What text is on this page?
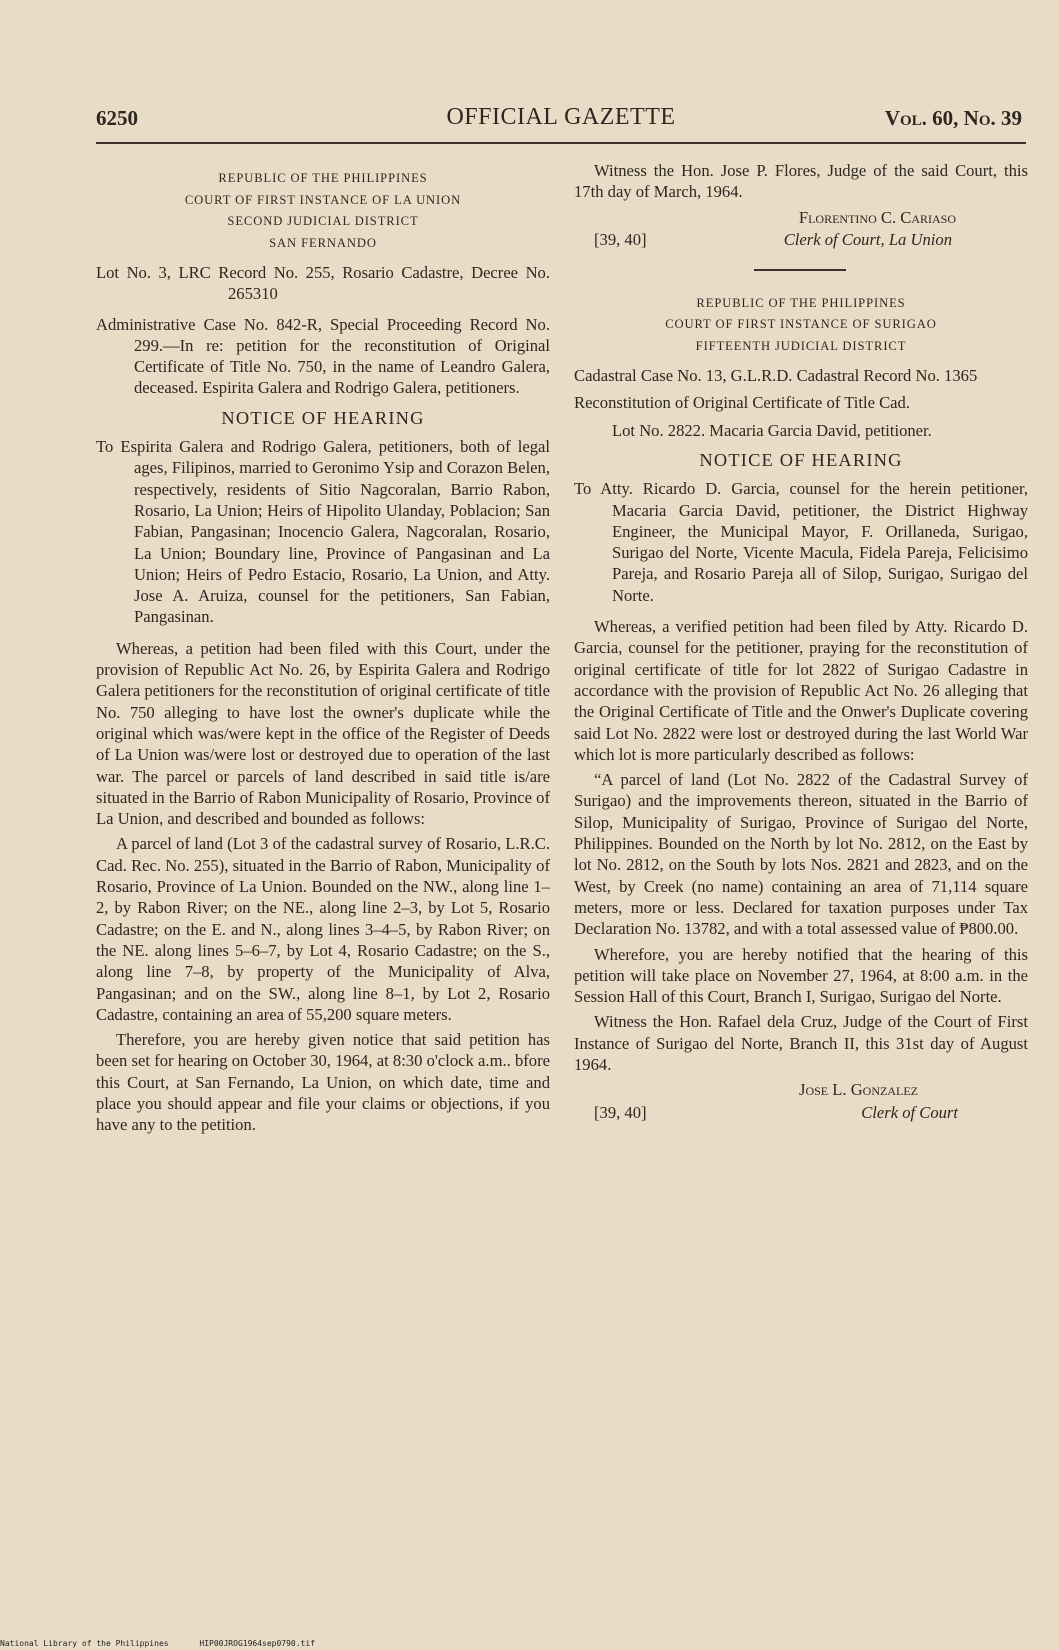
6250	OFFICIAL GAZETTE	Vol. 60, No. 39
REPUBLIC OF THE PHILIPPINES
COURT OF FIRST INSTANCE OF LA UNION
SECOND JUDICIAL DISTRICT
SAN FERNANDO

Lot No. 3, LRC Record No. 255, Rosario Cadastre, Decree No. 265310

Administrative Case No. 842-R, Special Proceeding Record No. 299.—In re: petition for the reconstitution of Original Certificate of Title No. 750, in the name of Leandro Galera, deceased. Espirita Galera and Rodrigo Galera, petitioners.

NOTICE OF HEARING

To Espirita Galera and Rodrigo Galera, petitioners, both of legal ages, Filipinos, married to Geronimo Ysip and Corazon Belen, respectively, residents of Sitio Nagcoralan, Barrio Rabon, Rosario, La Union; Heirs of Hipolito Ulanday, Poblacion; San Fabian, Pangasinan; Inocencio Galera, Nagcoralan, Rosario, La Union; Boundary line, Province of Pangasinan and La Union; Heirs of Pedro Estacio, Rosario, La Union, and Atty. Jose A. Aruiza, counsel for the petitioners, San Fabian, Pangasinan.

Whereas, a petition had been filed with this Court, under the provision of Republic Act No. 26, by Espirita Galera and Rodrigo Galera petitioners for the reconstitution of original certificate of title No. 750 alleging to have lost the owner's duplicate while the original which was/were kept in the office of the Register of Deeds of La Union was/were lost or destroyed due to operation of the last war. The parcel or parcels of land described in said title is/are situated in the Barrio of Rabon Municipality of Rosario, Province of La Union, and described and bounded as follows:

A parcel of land (Lot 3 of the cadastral survey of Rosario, L.R.C. Cad. Rec. No. 255), situated in the Barrio of Rabon, Municipality of Rosario, Province of La Union. Bounded on the NW., along line 1–2, by Rabon River; on the NE., along line 2–3, by Lot 5, Rosario Cadastre; on the E. and N., along lines 3–4–5, by Rabon River; on the NE. along lines 5–6–7, by Lot 4, Rosario Cadastre; on the S., along line 7–8, by property of the Municipality of Alva, Pangasinan; and on the SW., along line 8–1, by Lot 2, Rosario Cadastre, containing an area of 55,200 square meters.

Therefore, you are hereby given notice that said petition has been set for hearing on October 30, 1964, at 8:30 o'clock a.m.. bfore this Court, at San Fernando, La Union, on which date, time and place you should appear and file your claims or objections, if you have any to the petition.

Witness the Hon. Jose P. Flores, Judge of the said Court, this 17th day of March, 1964.

Florentino C. Cariaso
[39, 40]	Clerk of Court, La Union
REPUBLIC OF THE PHILIPPINES
COURT OF FIRST INSTANCE OF SURIGAO
FIFTEENTH JUDICIAL DISTRICT

Cadastral Case No. 13, G.L.R.D. Cadastral Record No. 1365

Reconstitution of Original Certificate of Title Cad.

Lot No. 2822. Macaria Garcia David, petitioner.

NOTICE OF HEARING

To Atty. Ricardo D. Garcia, counsel for the herein petitioner, Macaria Garcia David, petitioner, the District Highway Engineer, the Municipal Mayor, F. Orillaneda, Surigao, Surigao del Norte, Vicente Macula, Fidela Pareja, Felicisimo Pareja, and Rosario Pareja all of Silop, Surigao, Surigao del Norte.

Whereas, a verified petition had been filed by Atty. Ricardo D. Garcia, counsel for the petitioner, praying for the reconstitution of original certificate of title for lot 2822 of Surigao Cadastre in accordance with the provision of Republic Act No. 26 alleging that the Original Certificate of Title and the Onwer's Duplicate covering said Lot No. 2822 were lost or destroyed during the last World War which lot is more particularly described as follows:

“A parcel of land (Lot No. 2822 of the Cadastral Survey of Surigao) and the improvements thereon, situated in the Barrio of Silop, Municipality of Surigao, Province of Surigao del Norte, Philippines. Bounded on the North by lot No. 2812, on the East by lot No. 2812, on the South by lots Nos. 2821 and 2823, and on the West, by Creek (no name) containing an area of 71,114 square meters, more or less. Declared for taxation purposes under Tax Declaration No. 13782, and with a total assessed value of ₱800.00.

Wherefore, you are hereby notified that the hearing of this petition will take place on November 27, 1964, at 8:00 a.m. in the Session Hall of this Court, Branch I, Surigao, Surigao del Norte.

Witness the Hon. Rafael dela Cruz, Judge of the Court of First Instance of Surigao del Norte, Branch II, this 31st day of August 1964.

Jose L. Gonzalez
[39, 40]	Clerk of Court
National Library of the Philippines	HIP00JROG1964sep0790.tif
